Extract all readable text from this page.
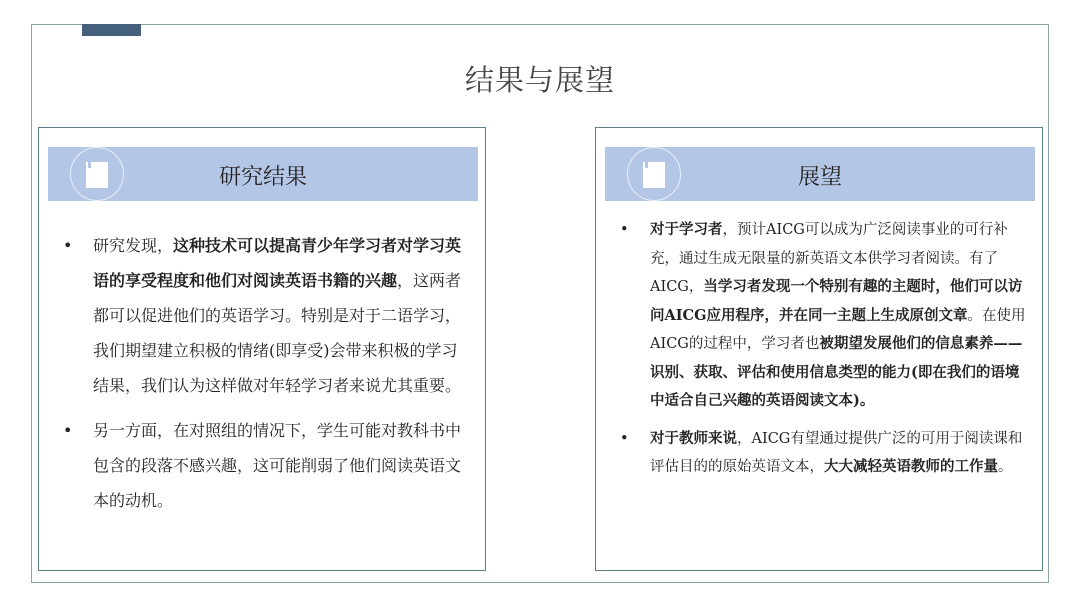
结果与展望
研究结果
• 研究发现，这种技术可以提高青少年学习者对学习英语的享受程度和他们对阅读英语书籍的兴趣，这两者都可以促进他们的英语学习。特别是对于二语学习，我们期望建立积极的情绪(即享受)会带来积极的学习结果，我们认为这样做对年轻学习者来说尤其重要。
• 另一方面，在对照组的情况下，学生可能对教科书中包含的段落不感兴趣，这可能削弱了他们阅读英语文本的动机。
展望
• 对于学习者，预计AICG可以成为广泛阅读事业的可行补充，通过生成无限量的新英语文本供学习者阅读。有了AICG，当学习者发现一个特别有趣的主题时，他们可以访问AICG应用程序，并在同一主题上生成原创文章。在使用AICG的过程中，学习者也被期望发展他们的信息素养——识别、获取、评估和使用信息类型的能力(即在我们的语境中适合自己兴趣的英语阅读文本)。
• 对于教师来说，AICG有望通过提供广泛的可用于阅读课和评估目的的原始英语文本，大大减轻英语教师的工作量。
